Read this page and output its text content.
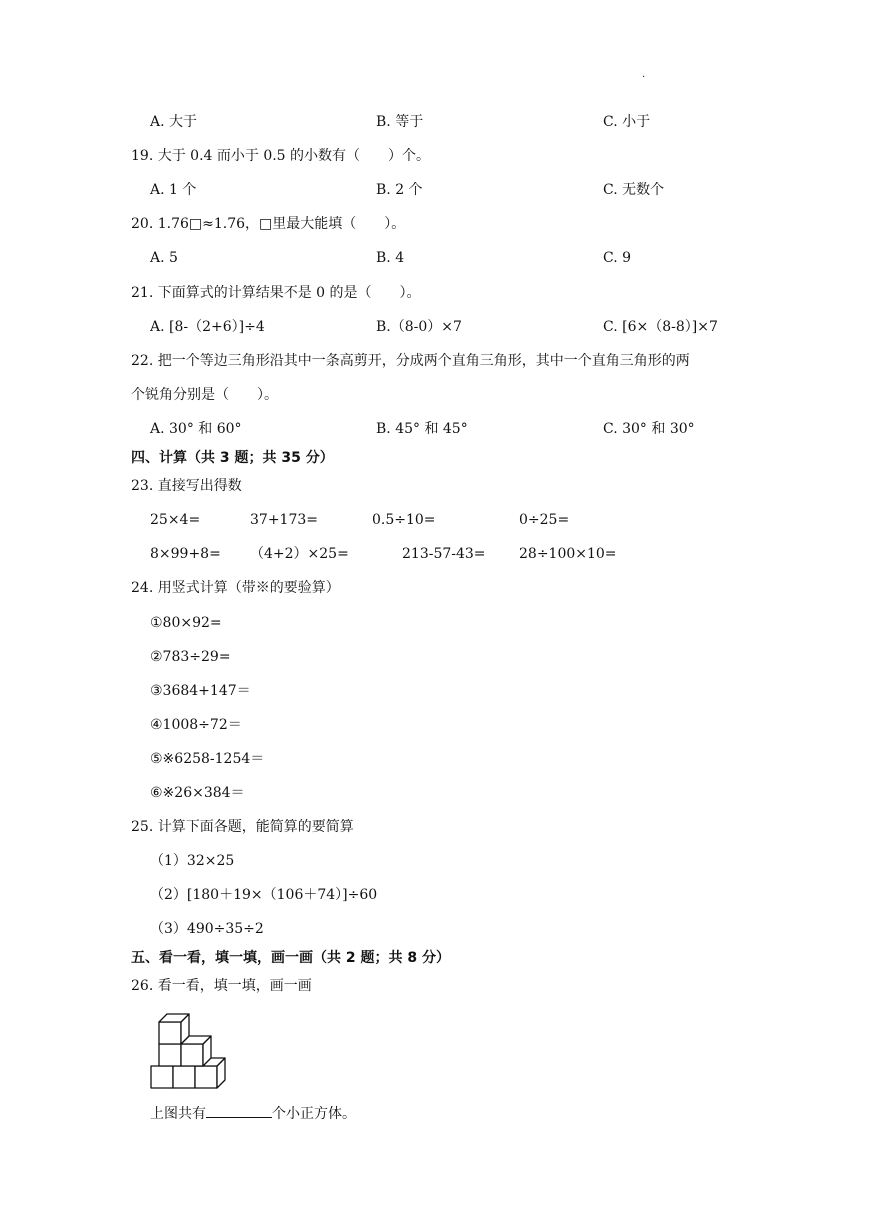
.
A. 大于	B. 等于	C. 小于
19. 大于 0.4 而小于 0.5 的小数有（　　）个。
A. 1 个	B. 2 个	C. 无数个
20. 1.76□≈1.76，□里最大能填（　　）。
A. 5	B. 4	C. 9
21. 下面算式的计算结果不是 0 的是（　　）。
A. [8-（2+6）]÷4	B.（8-0）×7	C. [6×（8-8）]×7
22. 把一个等边三角形沿其中一条高剪开，分成两个直角三角形，其中一个直角三角形的两
个锐角分别是（　　）。
A. 30° 和 60°	B. 45° 和 45°	C. 30° 和 30°
四、计算（共 3 题；共 35 分）
23. 直接写出得数
25×4=	37+173=	0.5÷10=	0÷25=
8×99+8= （4+2）×25=	213-57-43= 28÷100×10=
24. 用竖式计算（带※的要验算）
①80×92=
②783÷29=
③3684+147＝
④1008÷72＝
⑤※6258-1254＝
⑥※26×384＝
25. 计算下面各题，能简算的要简算
（1）32×25
（2）[180＋19×（106＋74）]÷60
（3）490÷35÷2
五、看一看，填一填，画一画（共 2 题；共 8 分）
26. 看一看，填一填，画一画
上图共有	个小正方体。
